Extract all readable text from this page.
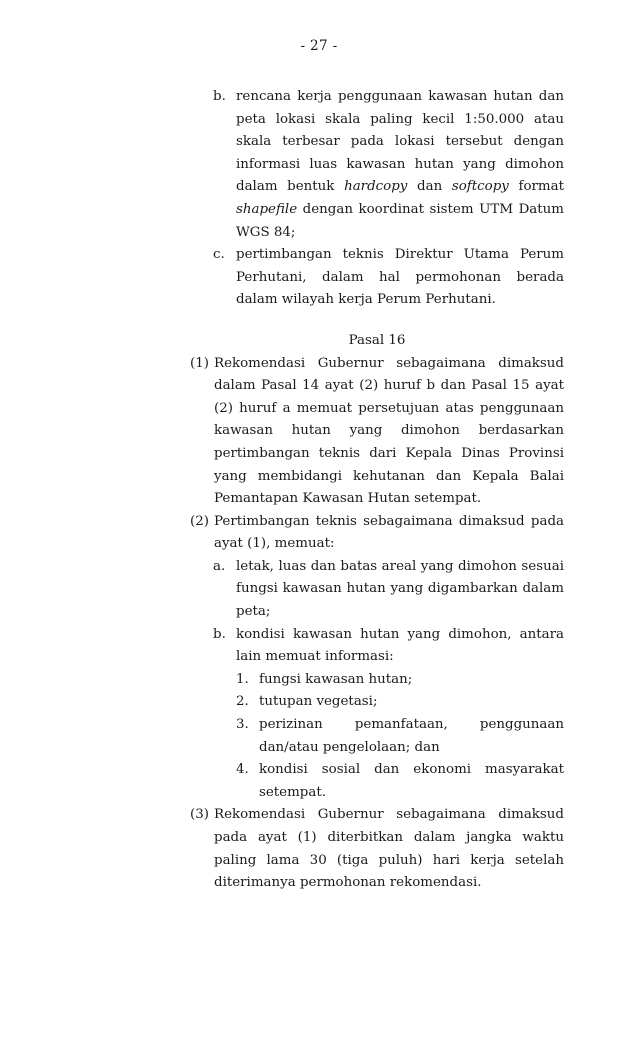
- 27 -
b. rencana kerja penggunaan kawasan hutan dan peta lokasi skala paling kecil 1:50.000 atau skala terbesar pada lokasi tersebut dengan informasi luas kawasan hutan yang dimohon dalam bentuk hardcopy dan softcopy format shapefile dengan koordinat sistem UTM Datum WGS 84;
c. pertimbangan teknis Direktur Utama Perum Perhutani, dalam hal permohonan berada dalam wilayah kerja Perum Perhutani.
Pasal 16
(1) Rekomendasi Gubernur sebagaimana dimaksud dalam Pasal 14 ayat (2) huruf b dan Pasal 15 ayat (2) huruf a memuat persetujuan atas penggunaan kawasan hutan yang dimohon berdasarkan pertimbangan teknis dari Kepala Dinas Provinsi yang membidangi kehutanan dan Kepala Balai Pemantapan Kawasan Hutan setempat.
(2) Pertimbangan teknis sebagaimana dimaksud pada ayat (1), memuat:
a. letak, luas dan batas areal yang dimohon sesuai fungsi kawasan hutan yang digambarkan dalam peta;
b. kondisi kawasan hutan yang dimohon, antara lain memuat informasi:
1. fungsi kawasan hutan;
2. tutupan vegetasi;
3. perizinan pemanfataan, penggunaan dan/atau pengelolaan; dan
4. kondisi sosial dan ekonomi masyarakat setempat.
(3) Rekomendasi Gubernur sebagaimana dimaksud pada ayat (1) diterbitkan dalam jangka waktu paling lama 30 (tiga puluh) hari kerja setelah diterimanya permohonan rekomendasi.
